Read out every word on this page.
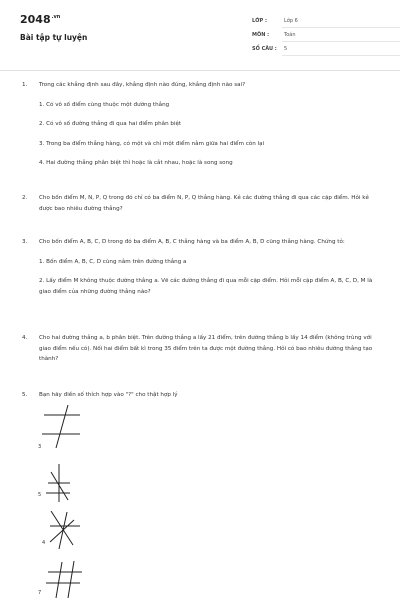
$2048^{.vn}$
Bài tập tự luyện
LỚP :	Lớp 6
MÔN :	Toán
SỐ CÂU : 5
1. Trong các khẳng định sau đây, khẳng định nào đúng, khẳng định nào sai?
1. Có vô số điểm cùng thuộc một đường thẳng
2. Có vô số đường thẳng đi qua hai điểm phân biệt
3. Trong ba điểm thẳng hàng, có một và chỉ một điểm nằm giữa hai điểm còn lại
4. Hai đường thẳng phân biệt thì hoặc là cắt nhau, hoặc là song song
2. Cho bốn điểm M, N, P, Q trong đó chỉ có ba điểm N, P, Q thẳng hàng. Kẻ các đường thẳng đi qua các cặp điểm. Hỏi kẻ được bao nhiêu đường thẳng?
3. Cho bốn điểm A, B, C, D trong đó ba điểm A, B, C thẳng hàng và ba điểm A, B, D cũng thẳng hàng. Chứng tỏ:
1. Bốn điểm A, B, C, D cùng nằm trên đường thẳng a
2. Lấy điểm M không thuộc đường thẳng a. Vẽ các đường thẳng đi qua mỗi cặp điểm. Hỏi mỗi cặp điểm A, B, C, D, M là giao điểm của những đường thẳng nào?
4. Cho hai đường thẳng a, b phân biệt. Trên đường thẳng a lấy 21 điểm, trên đường thẳng b lấy 14 điểm (không trùng với giao điểm nếu có). Nối hai điểm bất kì trong 35 điểm trên ta được một đường thẳng. Hỏi có bao nhiêu đường thẳng tạo thành?
5. Bạn hãy điền số thích hợp vào "?" cho thật hợp lý
3
5
4
7
